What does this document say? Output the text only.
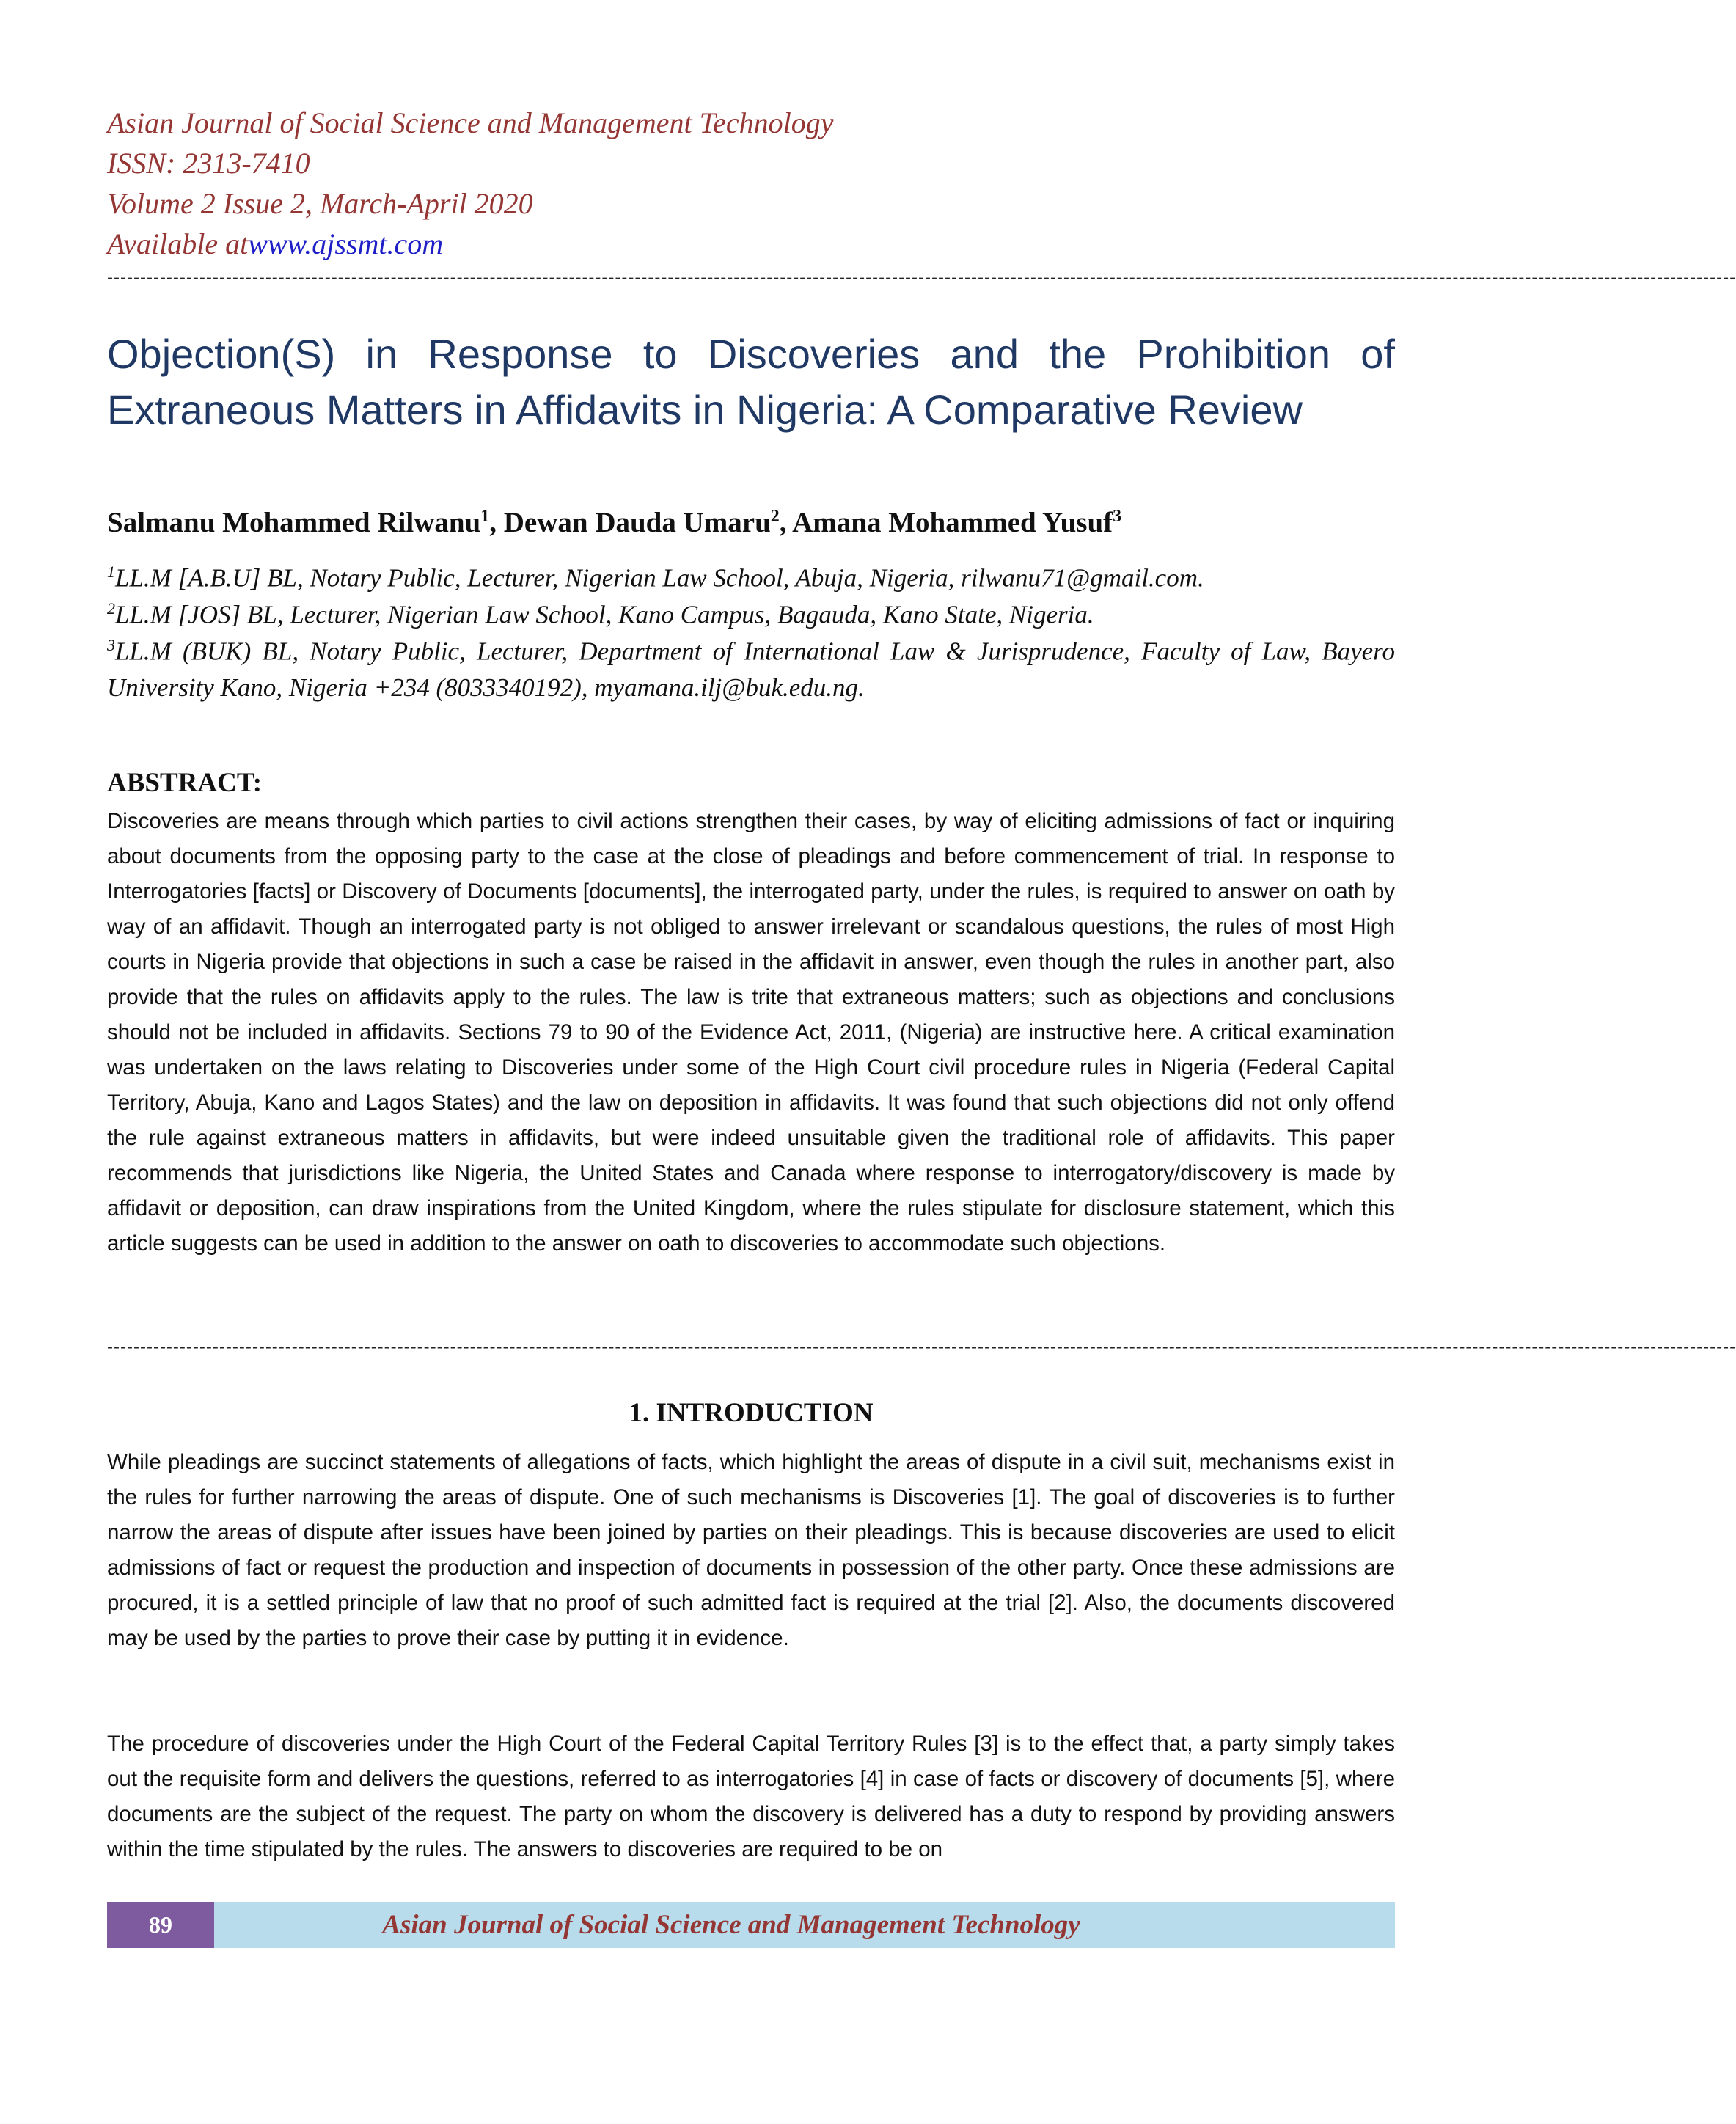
Asian Journal of Social Science and Management Technology
ISSN: 2313-7410
Volume 2 Issue 2, March-April 2020
Available atwww.ajssmt.com
-------------------------------------------------------------------------------------------------------------------------------------------------------------------------------------------------------------------------------------------------------
Objection(S) in Response to Discoveries and the Prohibition of Extraneous Matters in Affidavits in Nigeria: A Comparative Review
Salmanu Mohammed Rilwanu$^1$, Dewan Dauda Umaru$^2$, Amana Mohammed Yusuf$^3$
$^1$LL.M [A.B.U] BL, Notary Public, Lecturer, Nigerian Law School, Abuja, Nigeria, rilwanu71@gmail.com.
$^2$LL.M [JOS] BL, Lecturer, Nigerian Law School, Kano Campus, Bagauda, Kano State, Nigeria.
$^3$LL.M (BUK) BL, Notary Public, Lecturer, Department of International Law & Jurisprudence, Faculty of Law, Bayero University Kano, Nigeria +234 (8033340192), myamana.ilj@buk.edu.ng.
ABSTRACT:
Discoveries are means through which parties to civil actions strengthen their cases, by way of eliciting admissions of fact or inquiring about documents from the opposing party to the case at the close of pleadings and before commencement of trial. In response to Interrogatories [facts] or Discovery of Documents [documents], the interrogated party, under the rules, is required to answer on oath by way of an affidavit. Though an interrogated party is not obliged to answer irrelevant or scandalous questions, the rules of most High courts in Nigeria provide that objections in such a case be raised in the affidavit in answer, even though the rules in another part, also provide that the rules on affidavits apply to the rules. The law is trite that extraneous matters; such as objections and conclusions should not be included in affidavits. Sections 79 to 90 of the Evidence Act, 2011, (Nigeria) are instructive here. A critical examination was undertaken on the laws relating to Discoveries under some of the High Court civil procedure rules in Nigeria (Federal Capital Territory, Abuja, Kano and Lagos States) and the law on deposition in affidavits. It was found that such objections did not only offend the rule against extraneous matters in affidavits, but were indeed unsuitable given the traditional role of affidavits. This paper recommends that jurisdictions like Nigeria, the United States and Canada where response to interrogatory/discovery is made by affidavit or deposition, can draw inspirations from the United Kingdom, where the rules stipulate for disclosure statement, which this article suggests can be used in addition to the answer on oath to discoveries to accommodate such objections.
-------------------------------------------------------------------------------------------------------------------------------------------------------------------------------------------------------------------------------------------------------
1. INTRODUCTION
While pleadings are succinct statements of allegations of facts, which highlight the areas of dispute in a civil suit, mechanisms exist in the rules for further narrowing the areas of dispute. One of such mechanisms is Discoveries [1]. The goal of discoveries is to further narrow the areas of dispute after issues have been joined by parties on their pleadings. This is because discoveries are used to elicit admissions of fact or request the production and inspection of documents in possession of the other party. Once these admissions are procured, it is a settled principle of law that no proof of such admitted fact is required at the trial [2]. Also, the documents discovered may be used by the parties to prove their case by putting it in evidence.
The procedure of discoveries under the High Court of the Federal Capital Territory Rules [3] is to the effect that, a party simply takes out the requisite form and delivers the questions, referred to as interrogatories [4] in case of facts or discovery of documents [5], where documents are the subject of the request. The party on whom the discovery is delivered has a duty to respond by providing answers within the time stipulated by the rules. The answers to discoveries are required to be on
89	Asian Journal of Social Science and Management Technology
